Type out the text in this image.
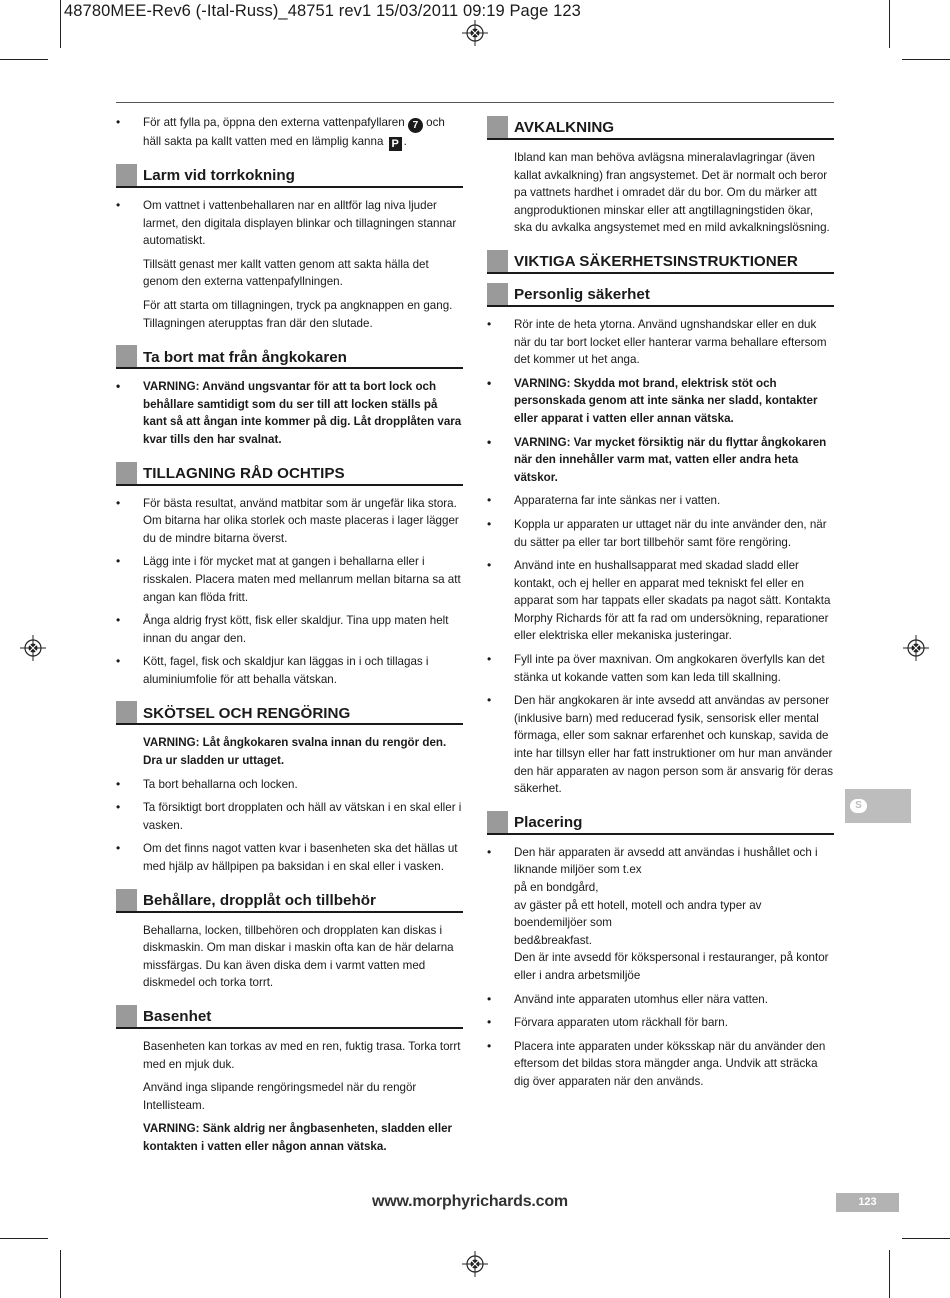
48780MEE-Rev6 (-Ital-Russ)_48751 rev1 15/03/2011 09:19 Page 123
• För att fylla pa, öppna den externa vattenpafyllaren 7 och häll sakta pa kallt vatten med en lämplig kanna P .
Larm vid torrkokning
• Om vattnet i vattenbehallaren nar en alltför lag niva ljuder larmet, den digitala displayen blinkar och tillagningen stannar automatiskt.

Tillsätt genast mer kallt vatten genom att sakta hälla det genom den externa vattenpafyllningen.

För att starta om tillagningen, tryck pa angknappen en gang. Tillagningen aterupptas fran där den slutade.

Ta bort mat från ångkokaren
• VARNING: Använd ungsvantar för att ta bort lock och behållare samtidigt som du ser till att locken ställs på kant så att ångan inte kommer på dig. Låt dropplåten vara kvar tills den har svalnat.
TILLAGNING RÅD OCHTIPS
• För bästa resultat, använd matbitar som är ungefär lika stora. Om bitarna har olika storlek och maste placeras i lager lägger du de mindre bitarna överst.
• Lägg inte i för mycket mat at gangen i behallarna eller i risskalen. Placera maten med mellanrum mellan bitarna sa att angan kan flöda fritt.
• Ånga aldrig fryst kött, fisk eller skaldjur. Tina upp maten helt innan du angar den.
• Kött, fagel, fisk och skaldjur kan läggas in i och tillagas i aluminiumfolie för att behalla vätskan.
SKÖTSEL OCH RENGÖRING

VARNING: Låt ångkokaren svalna innan du rengör den. Dra ur sladden ur uttaget.

• Ta bort behallarna och locken.
• Ta försiktigt bort dropplaten och häll av vätskan i en skal eller i vasken.
• Om det finns nagot vatten kvar i basenheten ska det hällas ut med hjälp av hällpipen pa baksidan i en skal eller i vasken.
Behållare, dropplåt och tillbehör

Behallarna, locken, tillbehören och dropplaten kan diskas i diskmaskin. Om man diskar i maskin ofta kan de här delarna missfärgas. Du kan även diska dem i varmt vatten med diskmedel och torka torrt.

Basenhet

Basenheten kan torkas av med en ren, fuktig trasa. Torka torrt med en mjuk duk.

Använd inga slipande rengöringsmedel när du rengör Intellisteam.

VARNING: Sänk aldrig ner ångbasenheten, sladden eller kontakten i vatten eller någon annan vätska.

AVKALKNING

Ibland kan man behöva avlägsna mineralavlagringar (även kallat avkalkning) fran angsystemet. Det är normalt och beror pa vattnets hardhet i omradet där du bor. Om du märker att angproduktionen minskar eller att angtillagningstiden ökar, ska du avkalka angsystemet med en mild avkalkningslösning.

VIKTIGA SÄKERHETSINSTRUKTIONER
Personlig säkerhet
• Rör inte de heta ytorna. Använd ugnshandskar eller en duk när du tar bort locket eller hanterar varma behallare eftersom det kommer ut het anga.
• VARNING: Skydda mot brand, elektrisk stöt och personskada genom att inte sänka ner sladd, kontakter eller apparat i vatten eller annan vätska.
• VARNING: Var mycket försiktig när du flyttar ångkokaren när den innehåller varm mat, vatten eller andra heta vätskor.
• Apparaterna far inte sänkas ner i vatten.
• Koppla ur apparaten ur uttaget när du inte använder den, när du sätter pa eller tar bort tillbehör samt före rengöring.
• Använd inte en hushallsapparat med skadad sladd eller kontakt, och ej heller en apparat med tekniskt fel eller en apparat som har tappats eller skadats pa nagot sätt. Kontakta Morphy Richards för att fa rad om undersökning, reparationer eller elektriska eller mekaniska justeringar.
• Fyll inte pa över maxnivan. Om angkokaren överfylls kan det stänka ut kokande vatten som kan leda till skallning.
• Den här angkokaren är inte avsedd att användas av personer (inklusive barn) med reducerad fysik, sensorisk eller mental förmaga, eller som saknar erfarenhet och kunskap, savida de inte har tillsyn eller har fatt instruktioner om hur man använder den här apparaten av nagon person som är ansvarig för deras säkerhet.
Placering
• Den här apparaten är avsedd att användas i hushållet och i liknande miljöer som t.ex
på en bondgård,
av gäster på ett hotell, motell och andra typer av boendemiljöer som
bed&breakfast.
Den är inte avsedd för kökspersonal i restauranger, på kontor eller i andra arbetsmiljöe
• Använd inte apparaten utomhus eller nära vatten.
• Förvara apparaten utom räckhall för barn.
• Placera inte apparaten under köksskap när du använder den eftersom det bildas stora mängder anga. Undvik att sträcka dig över apparaten när den används.
S
www.morphyrichards.com	123
